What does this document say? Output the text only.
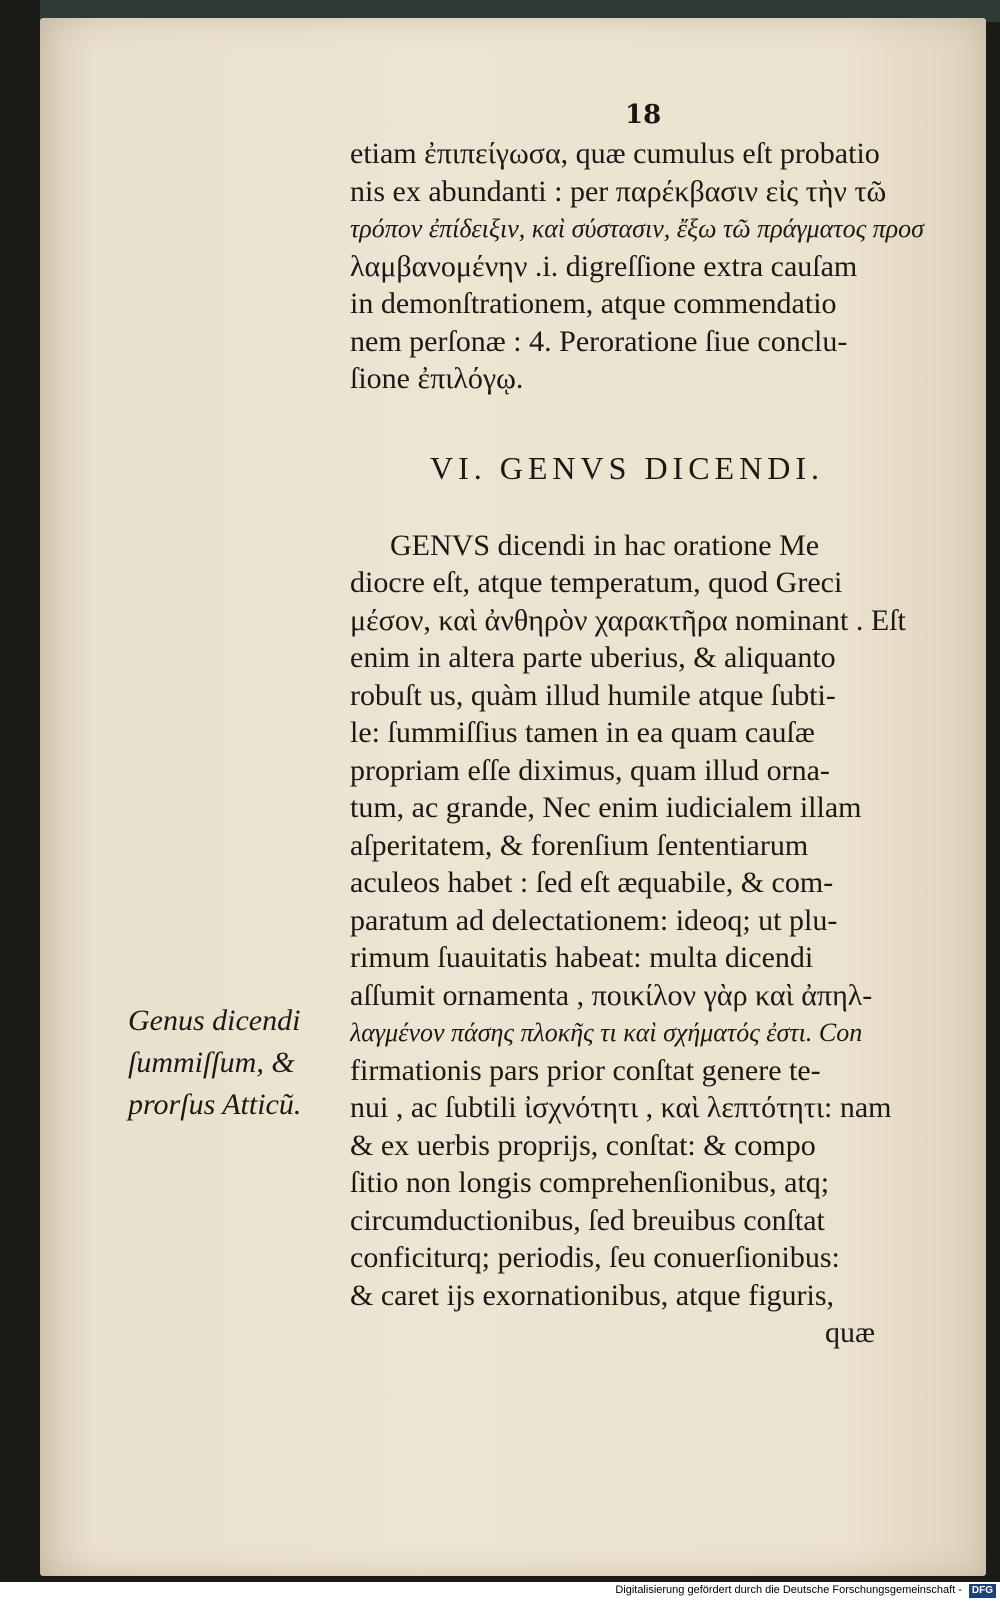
18
etiam ἐπιπείγωσα, quæ cumulus eſt probatio
nis ex abundanti : per παρέκβασιν εἰς τὴν τῶ
τρόπον ἐπίδειξιν, καὶ σύστασιν, ἔξω τῶ πράγματος προσ
λαμβανομένην .i. digreſſione extra cauſam
in demonſtrationem, atque commendatio
nem perſonæ : 4. Peroratione ſiue conclu-
ſione ἐπιλόγῳ.
VI. GENVS DICENDI.
GENVS dicendi in hac oratione Me
diocre eſt, atque temperatum, quod Greci
μέσον, καὶ ἀνθηρὸν χαρακτῆρα nominant . Eſt
enim in altera parte uberius, & aliquanto
robuſt us, quàm illud humile atque ſubti-
le: ſummiſſius tamen in ea quam cauſæ
propriam eſſe diximus, quam illud orna-
tum, ac grande, Nec enim iudicialem illam
aſperitatem, & forenſium ſententiarum
aculeos habet : ſed eſt æquabile, & com-
paratum ad delectationem: ideoq; ut plu-
rimum ſuauitatis habeat: multa dicendi
aſſumit ornamenta , ποικίλον γὰρ καὶ ἀπηλ-
λαγμένον πάσης πλοκῆς τι καὶ σχήματός ἐστι. Con
firmationis pars prior conſtat genere te-
nui , ac ſubtili ἰσχνότητι , καὶ λεπτότητι: nam
& ex uerbis proprijs, conſtat: & compo
ſitio non longis comprehenſionibus, atq;
circumductionibus, ſed breuibus conſtat
conficiturq; periodis, ſeu conuerſionibus:
& caret ijs exornationibus, atque figuris,
quæ
Genus dicendi
ſummiſſum, &
prorſus Atticũ.
Digitalisierung gefördert durch die Deutsche Forschungsgemeinschaft - DFG
